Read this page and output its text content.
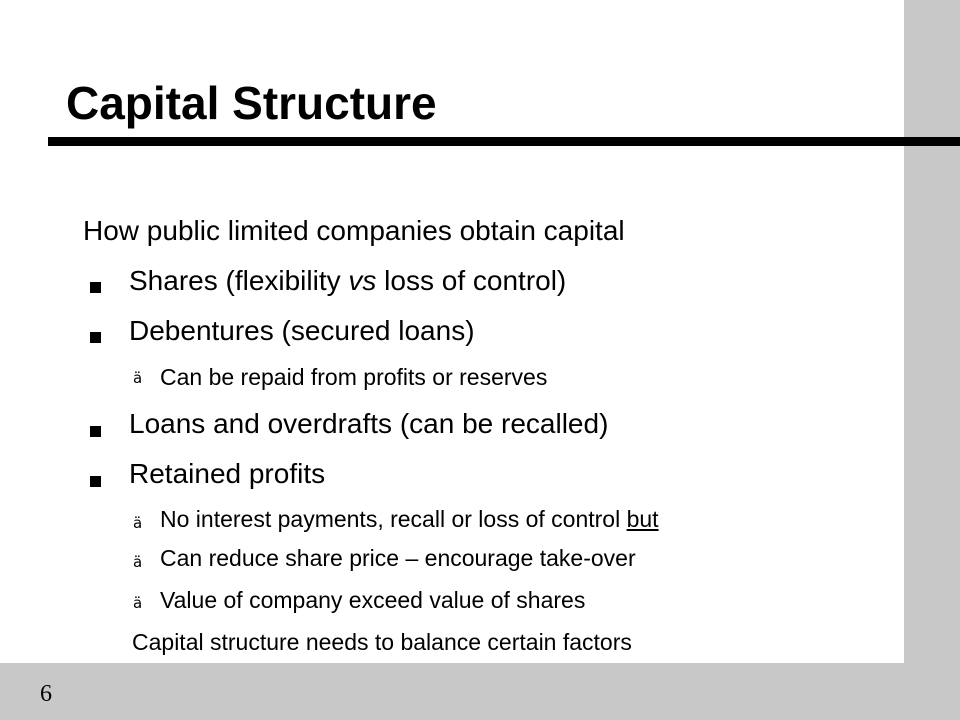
Capital Structure
How public limited companies obtain capital
Shares (flexibility vs loss of control)
Debentures (secured loans)
ä Can be repaid from profits or reserves
Loans and overdrafts (can be recalled)
Retained profits
ä No interest payments, recall or loss of control but
ä Can reduce share price – encourage take-over
ä Value of company exceed value of shares
Capital structure needs to balance certain factors
6
